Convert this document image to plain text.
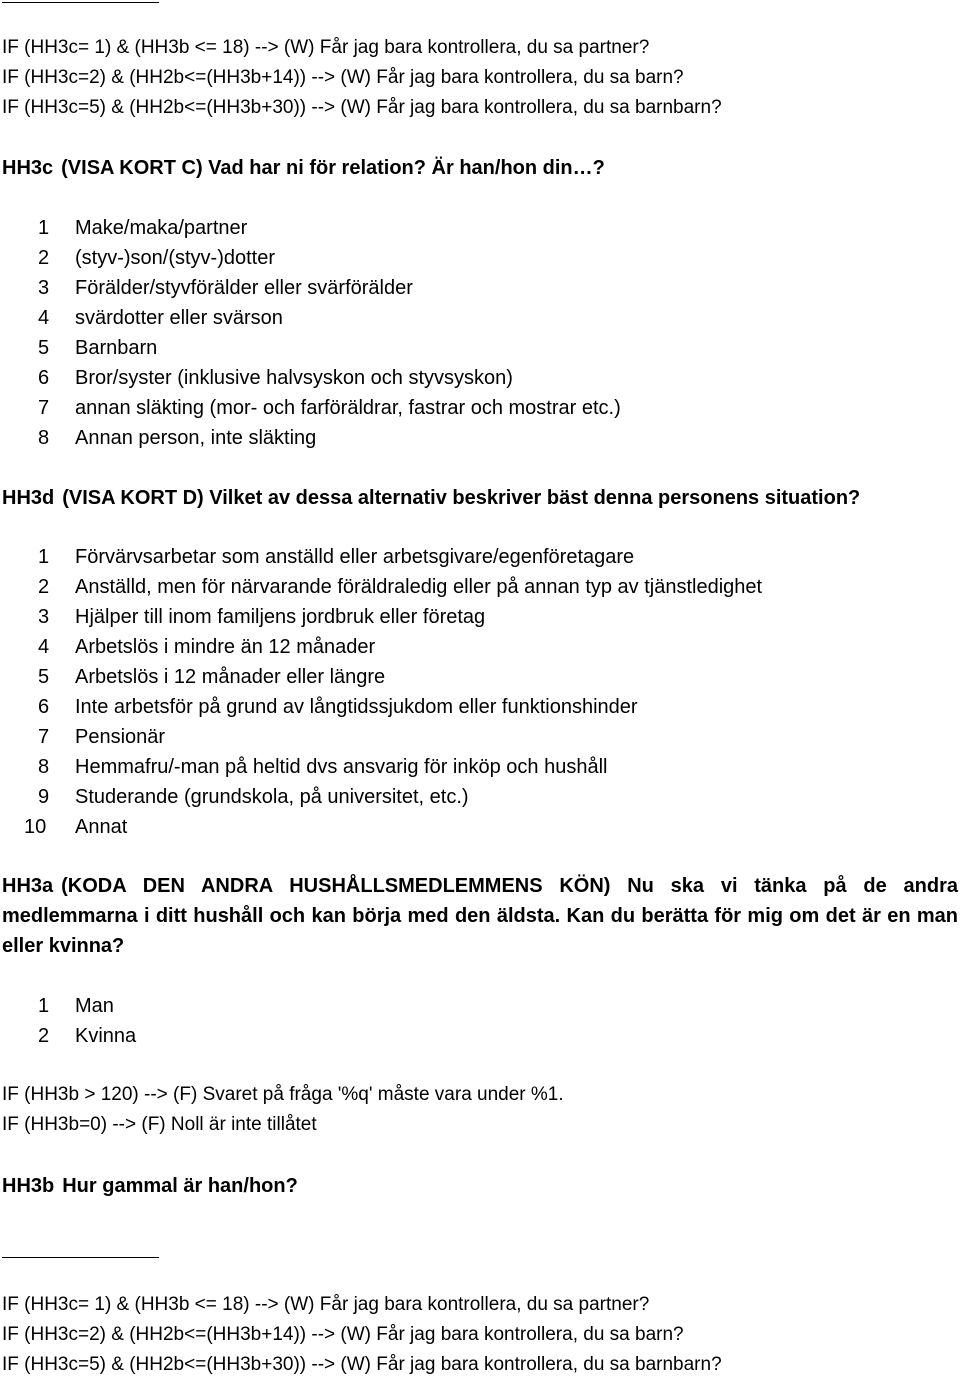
IF (HH3c= 1) & (HH3b <= 18) --> (W) Får jag bara kontrollera, du sa partner?
IF (HH3c=2) & (HH2b<=(HH3b+14)) --> (W) Får jag bara kontrollera, du sa barn?
IF (HH3c=5) & (HH2b<=(HH3b+30)) --> (W) Får jag bara kontrollera, du sa barnbarn?
HH3c (VISA KORT C) Vad har ni för relation? Är han/hon din…?
1 Make/maka/partner
2 (styv-)son/(styv-)dotter
3 Förälder/styvförälder eller svärförälder
4 svärdotter eller svärson
5 Barnbarn
6 Bror/syster (inklusive halvsyskon och styvsyskon)
7 annan släkting (mor- och farföräldrar, fastrar och mostrar etc.)
8 Annan person, inte släkting
HH3d (VISA KORT D) Vilket av dessa alternativ beskriver bäst denna personens situation?
1 Förvärvsarbetar som anställd eller arbetsgivare/egenföretagare
2 Anställd, men för närvarande föräldraledig eller på annan typ av tjänstledighet
3 Hjälper till inom familjens jordbruk eller företag
4 Arbetslös i mindre än 12 månader
5 Arbetslös i 12 månader eller längre
6 Inte arbetsför på grund av långtidssjukdom eller funktionshinder
7 Pensionär
8 Hemmafru/-man på heltid dvs ansvarig för inköp och hushåll
9 Studerande (grundskola, på universitet, etc.)
10 Annat
HH3a (KODA DEN ANDRA HUSHÅLLSMEDLEMMENS KÖN) Nu ska vi tänka på de andra medlemmarna i ditt hushåll och kan börja med den äldsta. Kan du berätta för mig om det är en man eller kvinna?
1 Man
2 Kvinna
IF (HH3b > 120) --> (F) Svaret på fråga '%q' måste vara under %1.
IF (HH3b=0) --> (F) Noll är inte tillåtet
HH3b Hur gammal är han/hon?
IF (HH3c= 1) & (HH3b <= 18) --> (W) Får jag bara kontrollera, du sa partner?
IF (HH3c=2) & (HH2b<=(HH3b+14)) --> (W) Får jag bara kontrollera, du sa barn?
IF (HH3c=5) & (HH2b<=(HH3b+30)) --> (W) Får jag bara kontrollera, du sa barnbarn?
